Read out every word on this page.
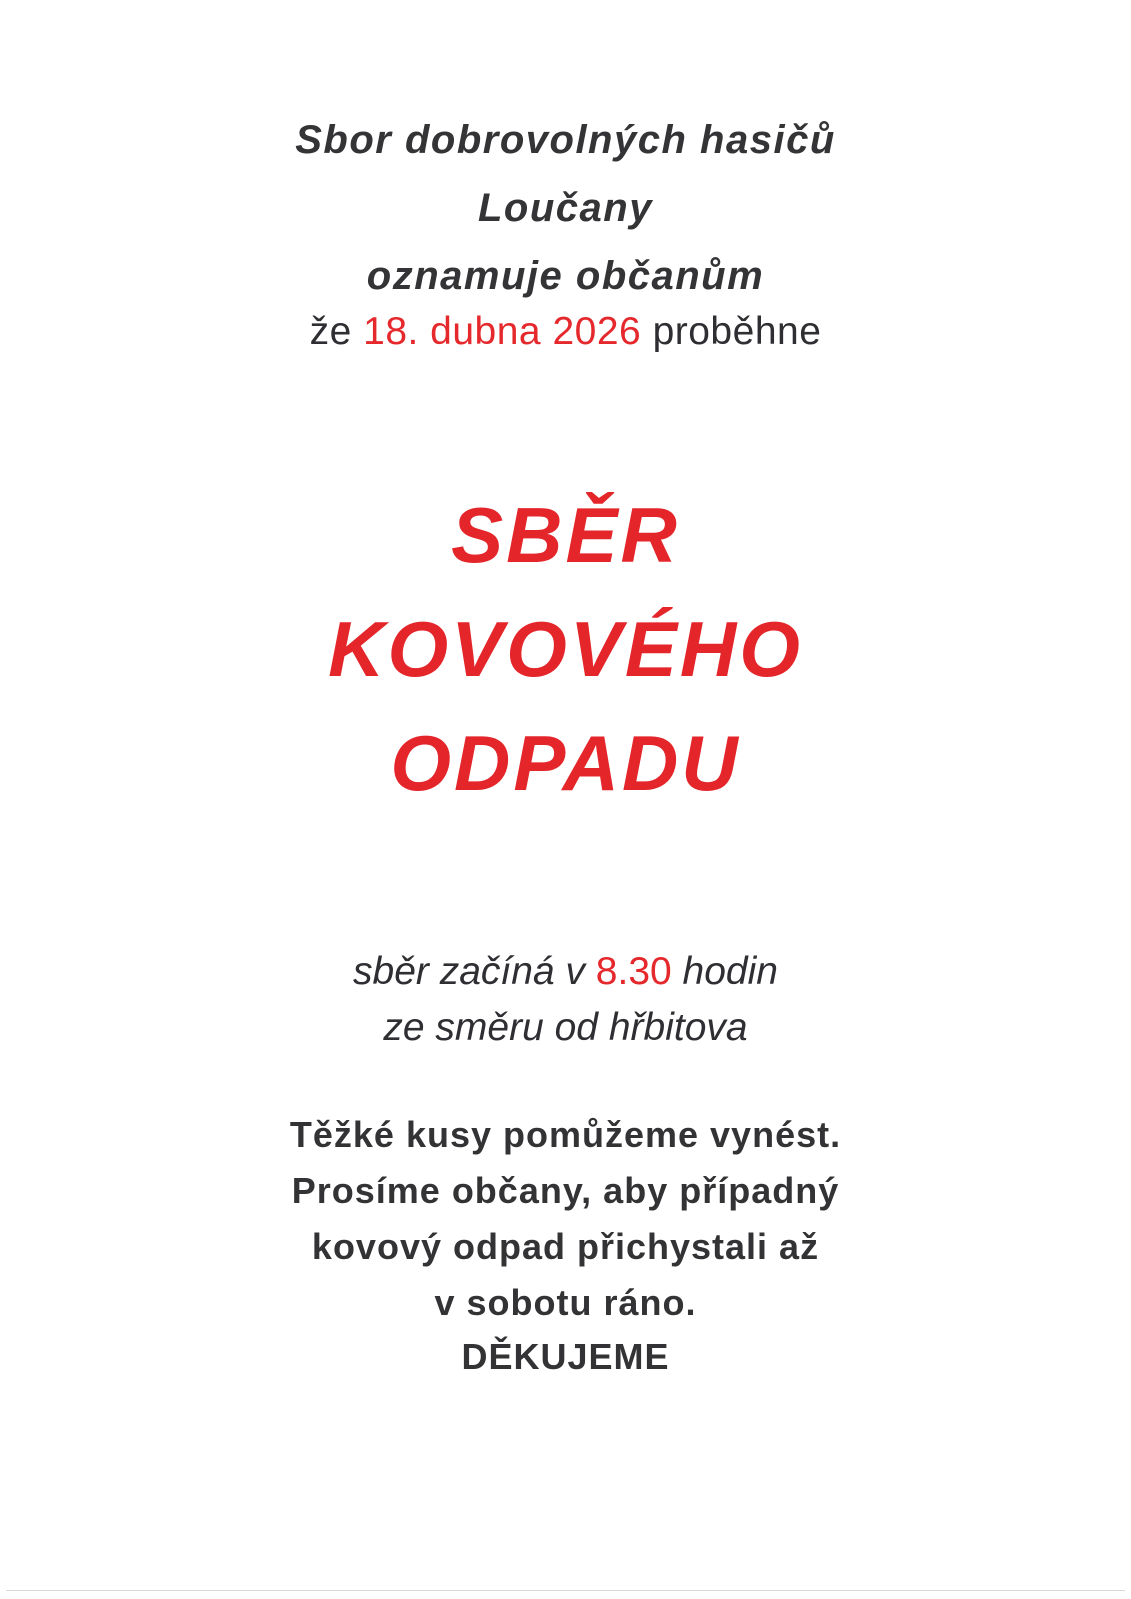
Sbor dobrovolných hasičů
Loučany
oznamuje občanům
že 18. dubna 2026 proběhne
SBĚR
KOVOVÉHO
ODPADU
sběr začíná v 8.30 hodin
ze směru od hřbitova
Těžké kusy pomůžeme vynést.
Prosíme občany, aby případný
kovový odpad přichystali až
v sobotu ráno.
DĚKUJEME
